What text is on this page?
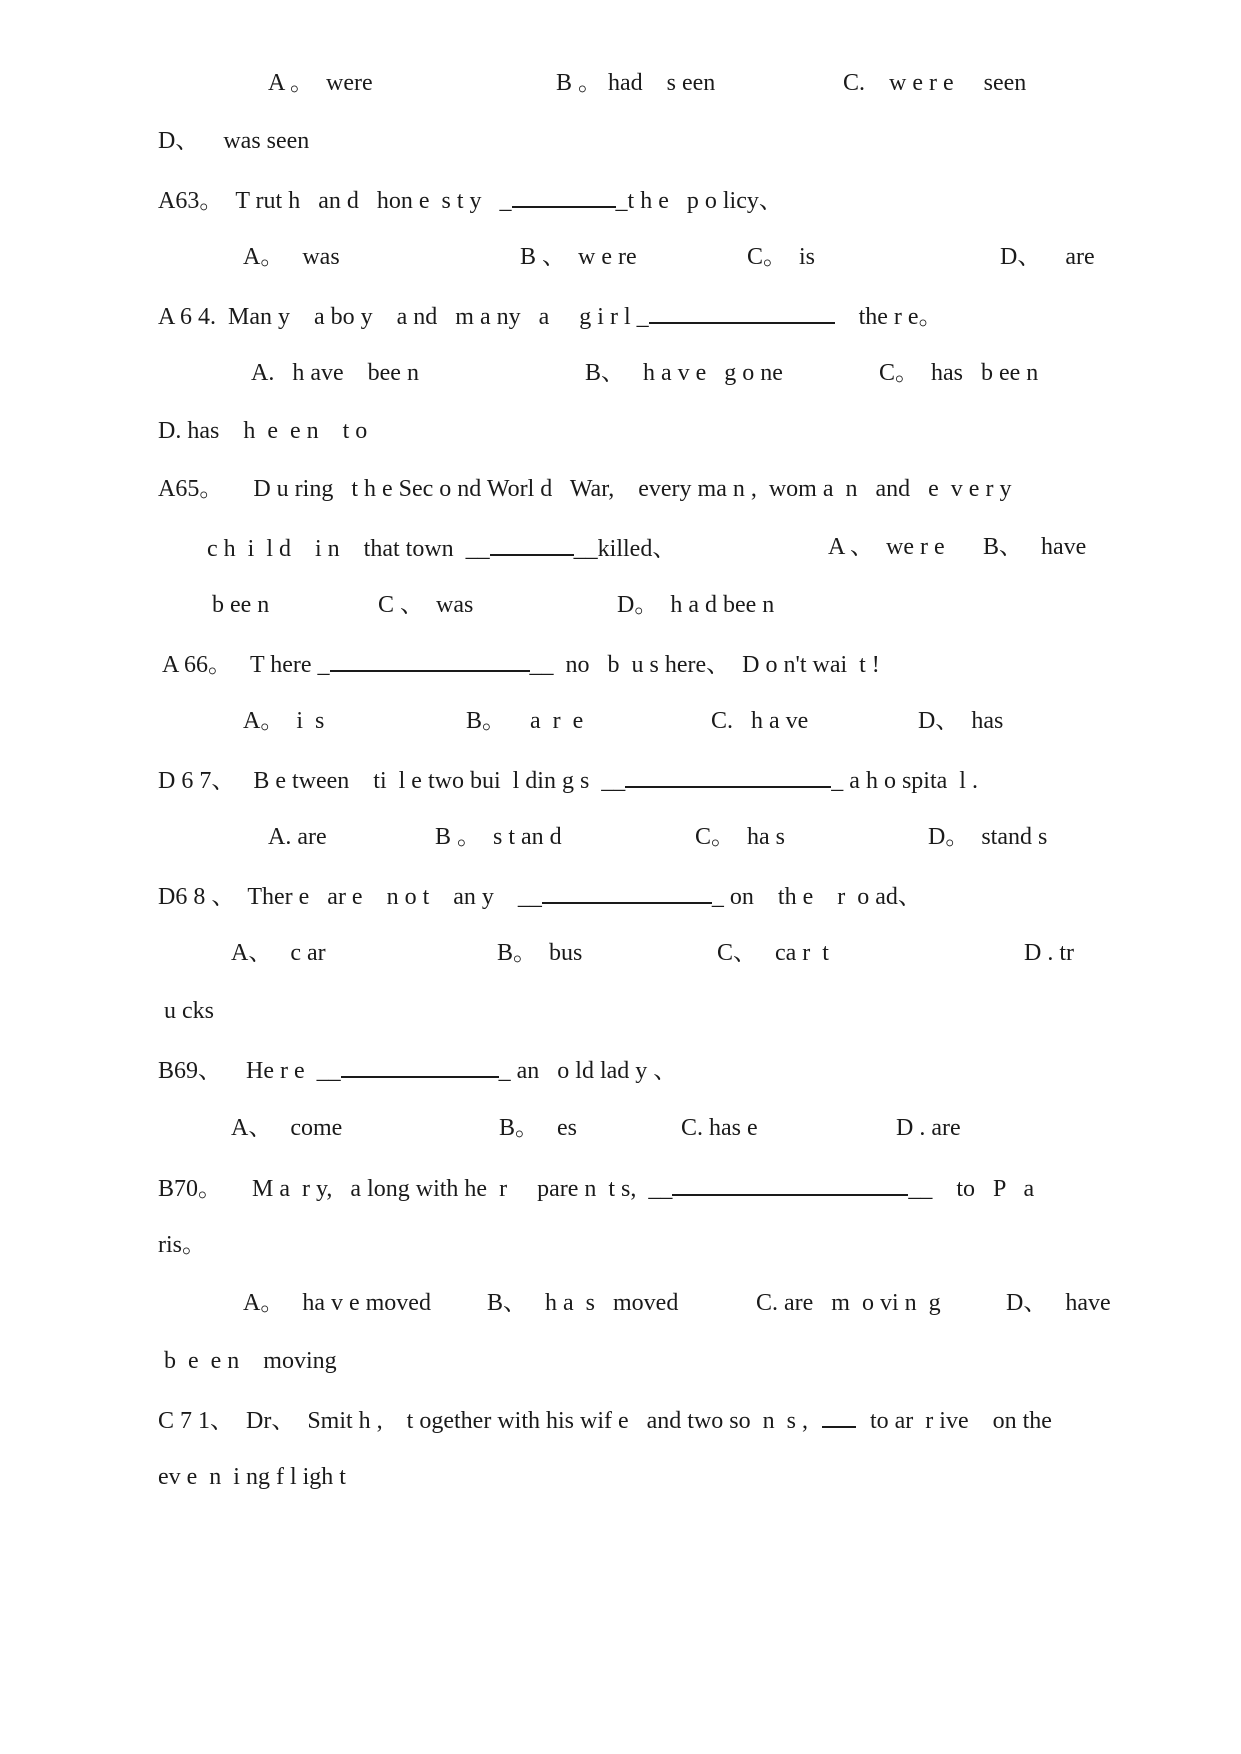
A 。  were	B 。 had    s een	C.    w e r e     seen
D、    was seen
A63。  T rut h   an d   hon e  s t y   _	_t h e   p o licy、
A。   was	B 、  w e re	C。  is	D、    are
A 6 4.  Man y    a bo y    a nd   m a ny   a     g i r l _	the r e。
A.   h ave    bee n	B、   h a v e   g o ne	C。  has   b ee n
D. has    h  e  e n    t o
A65。     D u ring   t h e Sec o nd Worl d   War,    every ma n ,  wom a  n   and   e  v e r y
c h  i  l d    i n    that town  __	__killed、	A 、  we r e B、   have
b ee n	C 、  was	D。  h a d bee n
A 66。   T here _	__  no   b  u s here、  D o n't wai  t !
A。  i  s	B。    a  r  e	C.   h a ve	D、  has
D 6 7、   B e tween    ti  l e two bui  l din g s  __	_ a h o spita  l .
A. are	B 。  s t an d	C。  ha s	D。  stand s
D6 8 、  Ther e   ar e    n o t    an y    __	_ on    th e    r  o ad、
A、   c ar	B。  bus	C、   ca r  t	D . tr
u cks
B69、    He r e  __	_ an   o ld lad y 、
A、   come	B。   es	C. has e	D . are
B70。     M a  r y,   a long with he  r     pare n  t s,  __	__    to   P   a
ris。
A。   ha v e moved B、   h a  s   moved	C. are   m  o vi n  g	D、   have
b  e  e n    moving
C 7 1、  Dr、  Smit h ,    t ogether with his wif e   and two so  n  s ,	to ar  r ive    on the
ev e  n  i ng f l igh t
